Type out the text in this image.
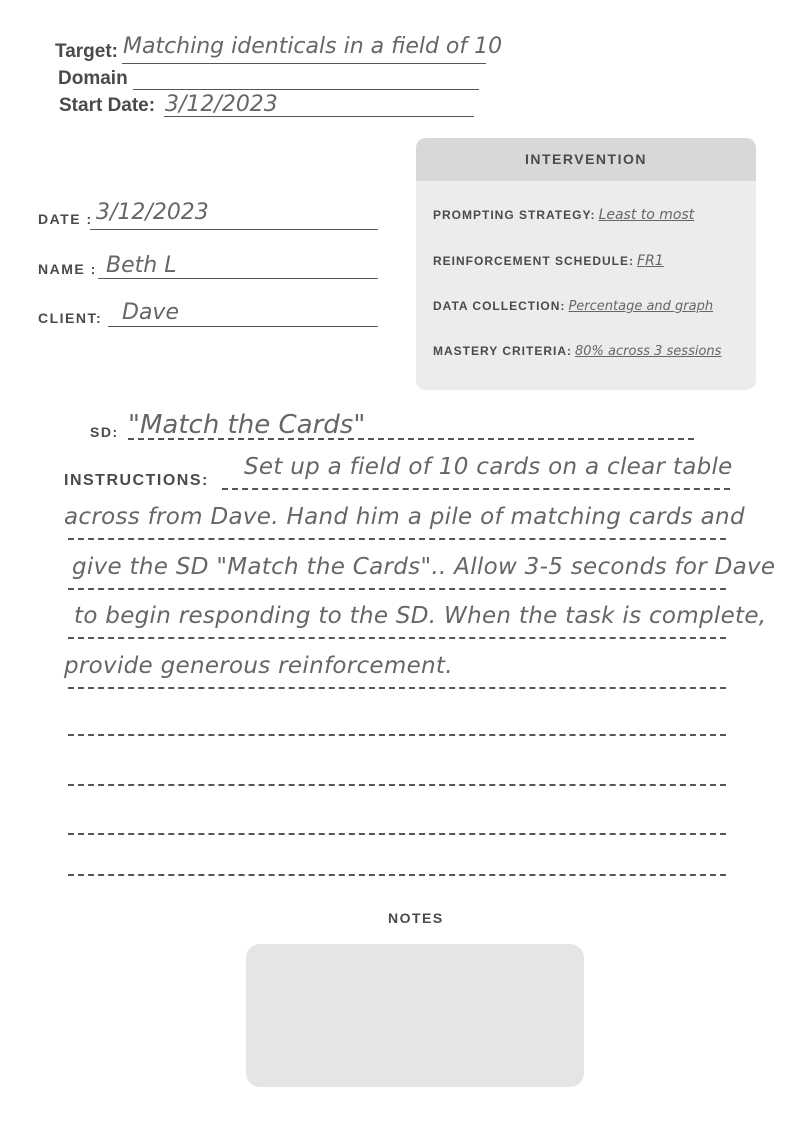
Target: Matching identicals in a field of 10
Domain
Start Date: 3/12/2023
DATE : 3/12/2023
NAME : Beth L
CLIENT: Dave
INTERVENTION
PROMPTING STRATEGY: Least to most
REINFORCEMENT SCHEDULE: FR1
DATA COLLECTION: Percentage and graph
MASTERY CRITERIA: 80% across 3 sessions
SD: "Match the Cards"
INSTRUCTIONS:
Set up a field of 10 cards on a clear table
across from Dave. Hand him a pile of matching cards and
give the SD "Match the Cards".. Allow 3-5 seconds for Dave
to begin responding to the SD. When the task is complete,
provide generous reinforcement.
NOTES
